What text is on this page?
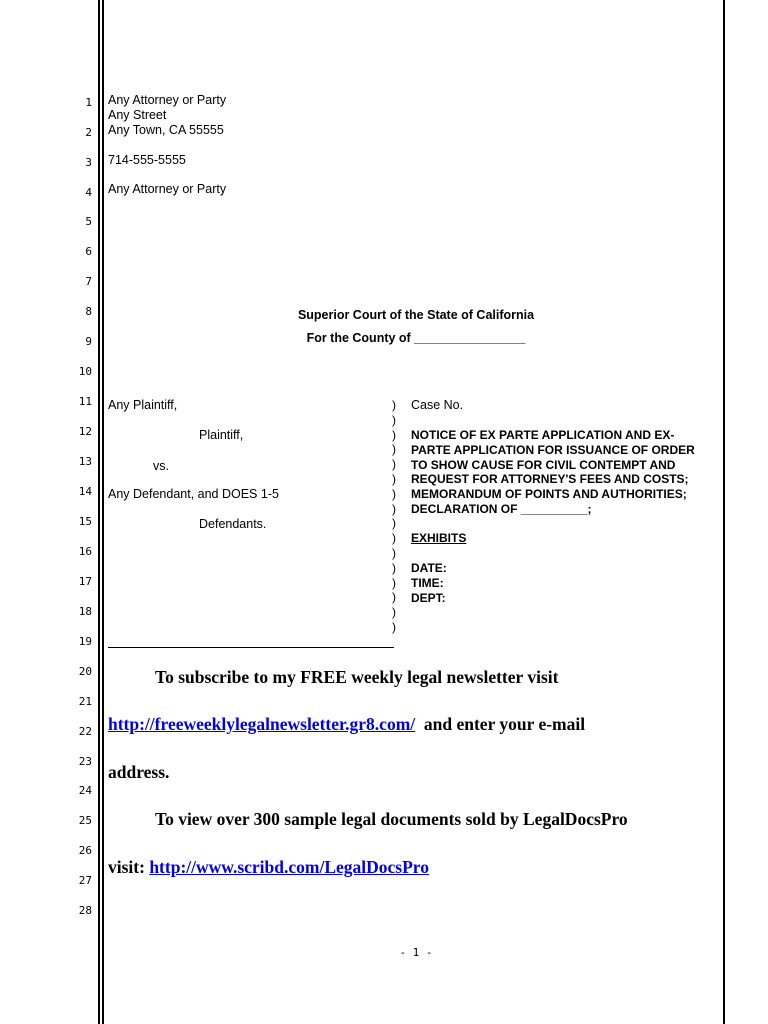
1
2
3
4
5
6
7
8
9
10
11
12
13
14
15
16
17
18
19
20
21
22
23
24
25
26
27
28
Any Attorney or Party
Any Street
Any Town, CA 55555
714-555-5555
Any Attorney or Party
Superior Court of the State of California
For the County of ________________
Any Plaintiff,
Plaintiff,
vs.
Any Defendant, and DOES 1-5
Defendants.
)
)
)
)
)
)
)
)
)
)
)
)
)
)
)
)
Case No.
NOTICE OF EX PARTE APPLICATION AND EX-PARTE APPLICATION FOR ISSUANCE OF ORDER TO SHOW CAUSE FOR CIVIL CONTEMPT AND REQUEST FOR ATTORNEY'S FEES AND COSTS; MEMORANDUM OF POINTS AND AUTHORITIES; DECLARATION OF __________;
EXHIBITS
DATE:
TIME:
DEPT:
To subscribe to my FREE weekly legal newsletter visit
http://freeweeklylegalnewsletter.gr8.com/ and enter your e-mail
address.
To view over 300 sample legal documents sold by LegalDocsPro
visit: http://www.scribd.com/LegalDocsPro
- 1 -
